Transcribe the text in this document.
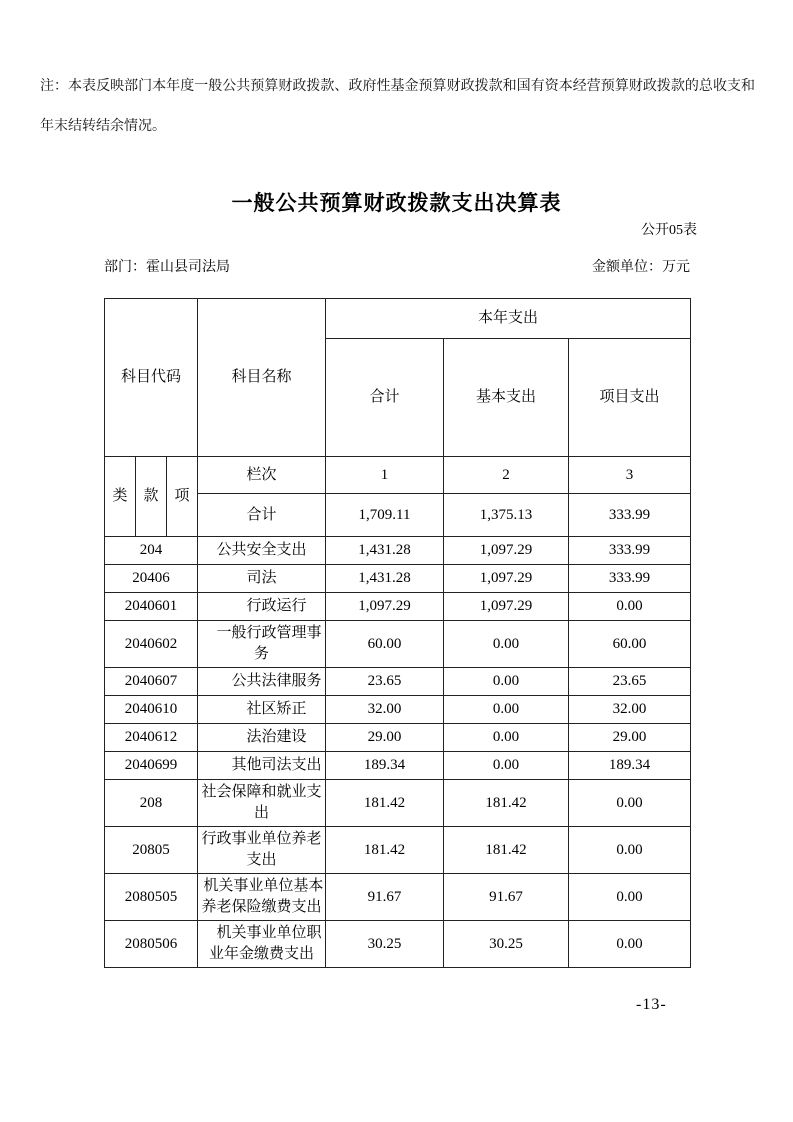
注：本表反映部门本年度一般公共预算财政拨款、政府性基金预算财政拨款和国有资本经营预算财政拨款的总收支和年末结转结余情况。

一般公共预算财政拨款支出决算表
公开05表
部门：霍山县司法局	金额单位：万元
科目代码			科目名称	本年支出		
				合计	基本支出	项目支出
类	款	项	栏次	1	2	3
			合计	1,709.11	1,375.13	333.99
204			公共安全支出	1,431.28	1,097.29	333.99
20406			司法	1,431.28	1,097.29	333.99
2040601			　　行政运行	1,097.29	1,097.29	0.00
2040602			　一般行政管理事务	60.00	0.00	60.00
2040607			　　公共法律服务	23.65	0.00	23.65
2040610			　　社区矫正	32.00	0.00	32.00
2040612			　　法治建设	29.00	0.00	29.00
2040699			　　其他司法支出	189.34	0.00	189.34
208			社会保障和就业支出	181.42	181.42	0.00
20805			行政事业单位养老支出	181.42	181.42	0.00
2080505			机关事业单位基本养老保险缴费支出	91.67	91.67	0.00
2080506			　机关事业单位职业年金缴费支出	30.25	30.25	0.00
-13-
